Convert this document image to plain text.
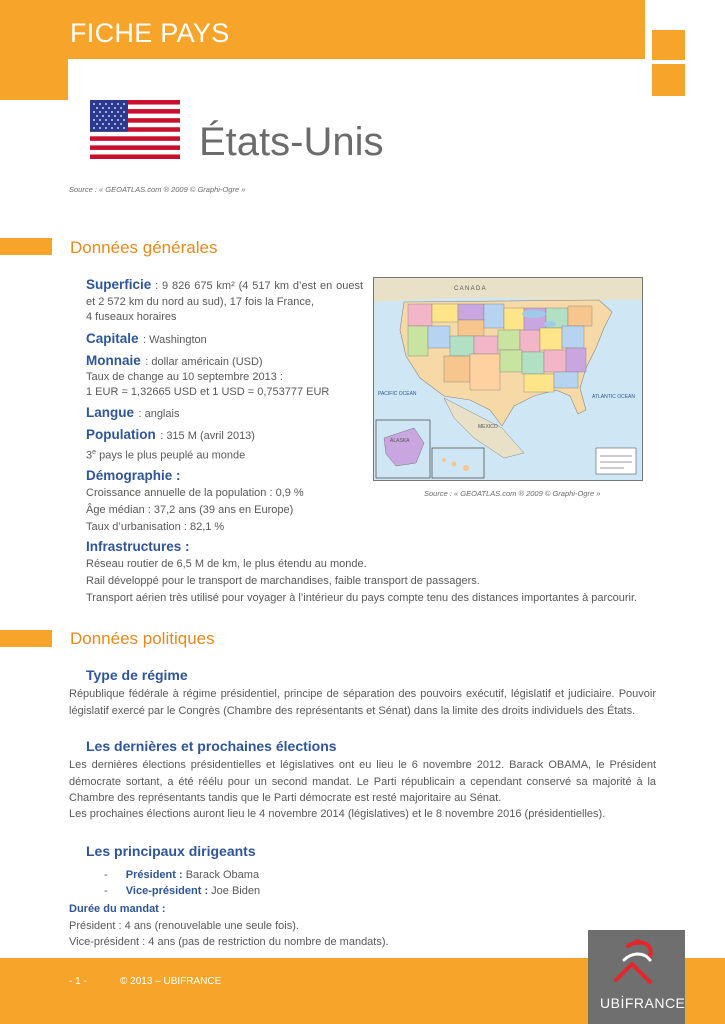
FICHE PAYS
États-Unis
Source : « GEOATLAS.com ® 2009 © Graphi-Ogre »
Données générales
Superficie : 9 826 675 km² (4 517 km d’est en ouest et 2 572 km du nord au sud), 17 fois la France,
4 fuseaux horaires
Capitale : Washington
Monnaie : dollar américain (USD)
Taux de change au 10 septembre 2013 :
1 EUR = 1,32665 USD et 1 USD = 0,753777 EUR
Langue : anglais
Population : 315 M (avril 2013)
3e pays le plus peuplé au monde
Démographie :
Croissance annuelle de la population : 0,9 %
Âge médian : 37,2 ans (39 ans en Europe)
Taux d’urbanisation : 82,1 %
Infrastructures :
Réseau routier de 6,5 M de km, le plus étendu au monde.
Rail développé pour le transport de marchandises, faible transport de passagers.
Transport aérien très utilisé pour voyager à l’intérieur du pays compte tenu des distances importantes à parcourir.
C A N A D A
PACIFIC OCEAN	ATLANTIC OCEAN
MEXICO
ALASKA
Source : « GEOATLAS.com ® 2009 © Graphi-Ogre »
Données politiques
Type de régime
République fédérale à régime présidentiel, principe de séparation des pouvoirs exécutif, législatif et judiciaire. Pouvoir législatif exercé par le Congrès (Chambre des représentants et Sénat) dans la limite des droits individuels des États.
Les dernières et prochaines élections
Les dernières élections présidentielles et législatives ont eu lieu le 6 novembre 2012. Barack OBAMA, le Président démocrate sortant, a été réélu pour un second mandat. Le Parti républicain a cependant conservé sa majorité à la Chambre des représentants tandis que le Parti démocrate est resté majoritaire au Sénat.
Les prochaines élections auront lieu le 4 novembre 2014 (législatives) et le 8 novembre 2016 (présidentielles).
Les principaux dirigeants
- Président : Barack Obama
- Vice-président : Joe Biden
Durée du mandat :
Président : 4 ans (renouvelable une seule fois).
Vice-président : 4 ans (pas de restriction du nombre de mandats).
- 1 -	© 2013 – UBIFRANCE
UBİFRANCE
